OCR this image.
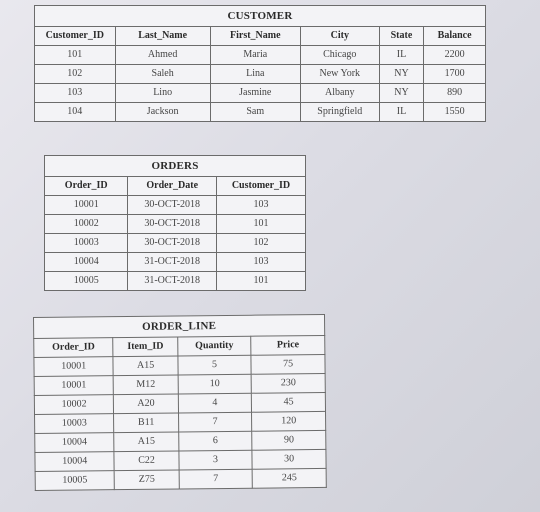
CUSTOMER					
Customer_ID	Last_Name	First_Name	City	State	Balance
101	Ahmed	Maria	Chicago	IL	2200
102	Saleh	Lina	New York	NY	1700
103	Lino	Jasmine	Albany	NY	890
104	Jackson	Sam	Springfield	IL	1550
ORDERS		
Order_ID	Order_Date	Customer_ID
10001	30-OCT-2018	103
10002	30-OCT-2018	101
10003	30-OCT-2018	102
10004	31-OCT-2018	103
10005	31-OCT-2018	101
ORDER_LINE			
Order_ID	Item_ID	Quantity	Price
10001	A15	5	75
10001	M12	10	230
10002	A20	4	45
10003	B11	7	120
10004	A15	6	90
10004	C22	3	30
10005	Z75	7	245
